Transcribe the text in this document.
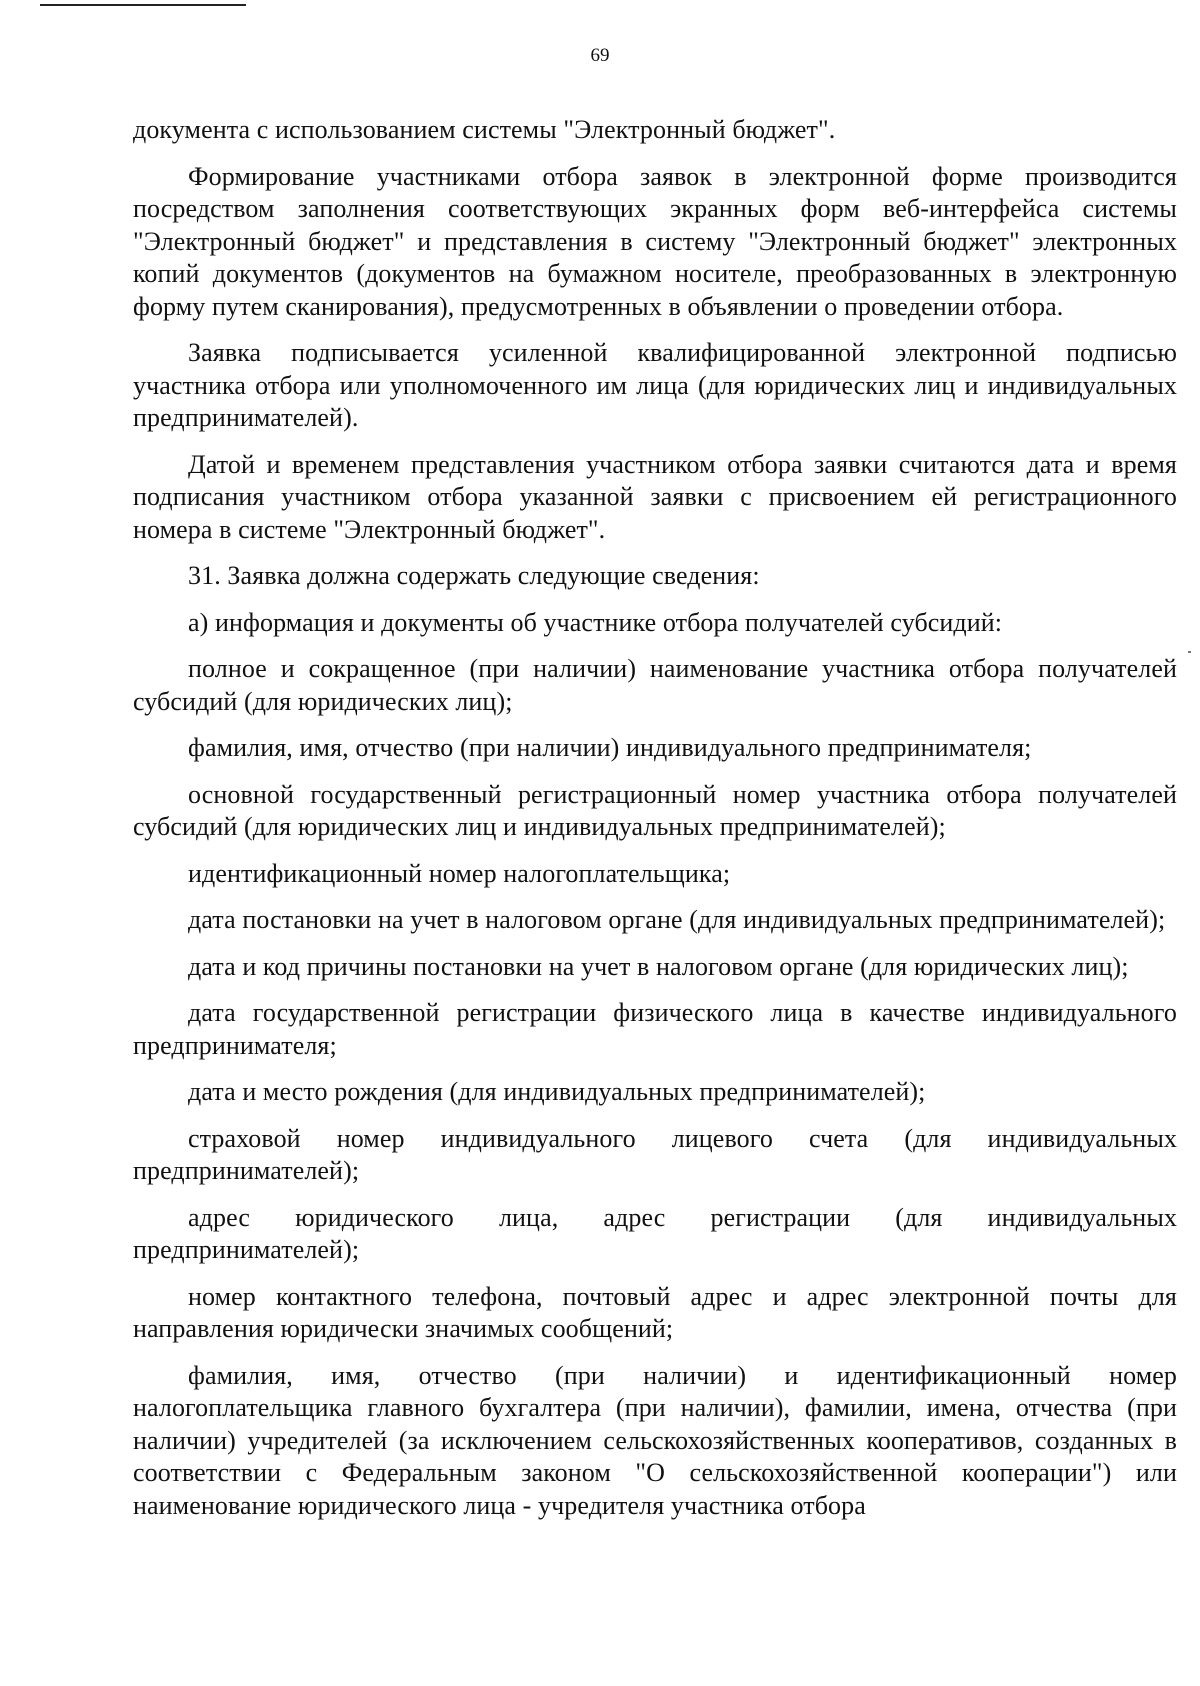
69

документа с использованием системы "Электронный бюджет".

Формирование участниками отбора заявок в электронной форме производится посредством заполнения соответствующих экранных форм веб-интерфейса системы "Электронный бюджет" и представления в систему "Электронный бюджет" электронных копий документов (документов на бумажном носителе, преобразованных в электронную форму путем сканирования), предусмотренных в объявлении о проведении отбора.

Заявка подписывается усиленной квалифицированной электронной подписью участника отбора или уполномоченного им лица (для юридических лиц и индивидуальных предпринимателей).

Датой и временем представления участником отбора заявки считаются дата и время подписания участником отбора указанной заявки с присвоением ей регистрационного номера в системе "Электронный бюджет".

31. Заявка должна содержать следующие сведения:

а) информация и документы об участнике отбора получателей субсидий:

полное и сокращенное (при наличии) наименование участника отбора получателей субсидий (для юридических лиц);

фамилия, имя, отчество (при наличии) индивидуального предпринимателя;

основной государственный регистрационный номер участника отбора получателей субсидий (для юридических лиц и индивидуальных предпринимателей);

идентификационный номер налогоплательщика;

дата постановки на учет в налоговом органе (для индивидуальных предпринимателей);

дата и код причины постановки на учет в налоговом органе (для юридических лиц);

дата государственной регистрации физического лица в качестве индивидуального предпринимателя;

дата и место рождения (для индивидуальных предпринимателей);

страховой номер индивидуального лицевого счета (для индивидуальных предпринимателей);

адрес юридического лица, адрес регистрации (для индивидуальных предпринимателей);

номер контактного телефона, почтовый адрес и адрес электронной почты для направления юридически значимых сообщений;

фамилия, имя, отчество (при наличии) и идентификационный номер налогоплательщика главного бухгалтера (при наличии), фамилии, имена, отчества (при наличии) учредителей (за исключением сельскохозяйственных кооперативов, созданных в соответствии с Федеральным законом "О сельскохозяйственной кооперации") или наименование юридического лица - учредителя участника отбора
